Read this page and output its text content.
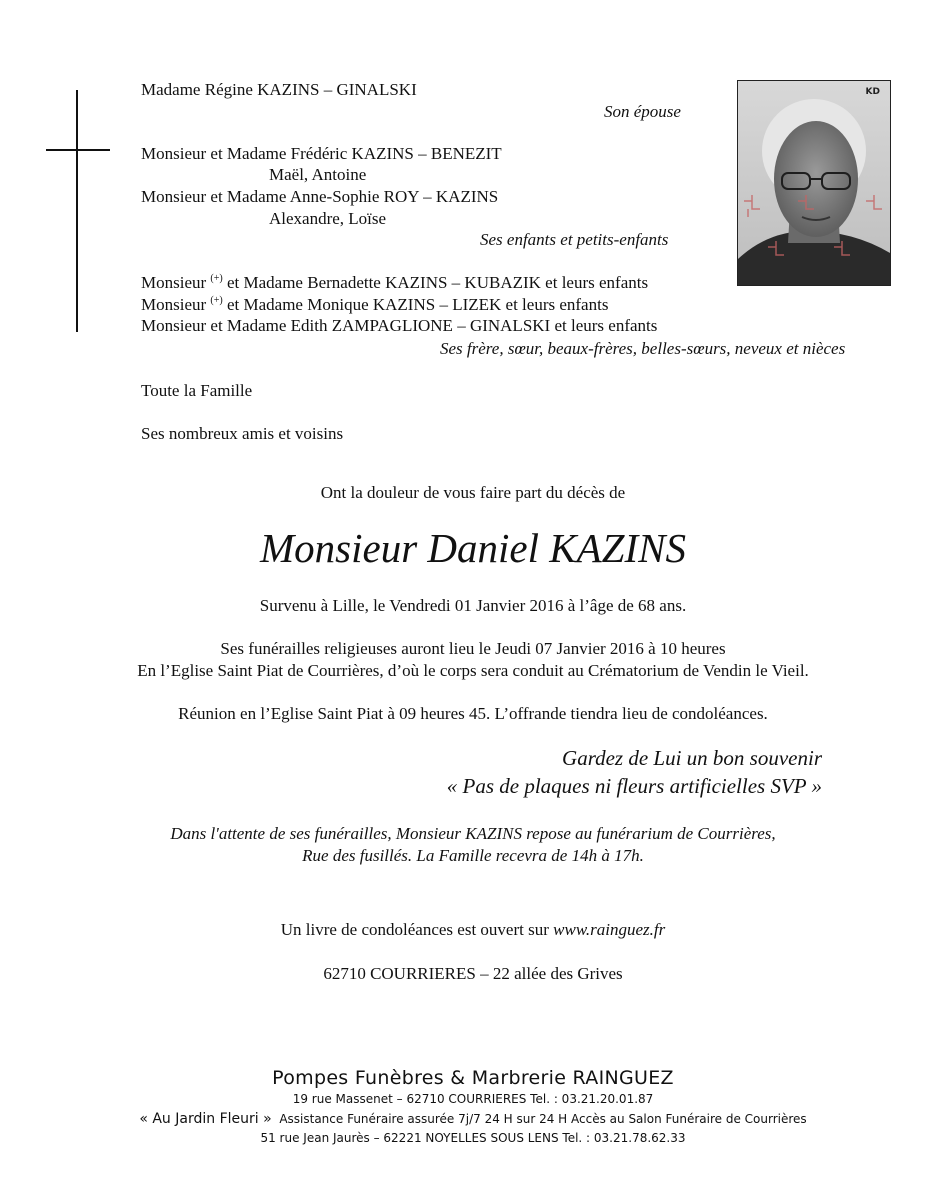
KD
Madame Régine KAZINS – GINALSKI
Son épouse
Monsieur et Madame Frédéric KAZINS – BENEZIT
Maël, Antoine
Monsieur et Madame Anne-Sophie ROY – KAZINS
Alexandre, Loïse
Ses enfants et petits-enfants
Monsieur (+) et Madame Bernadette KAZINS – KUBAZIK et leurs enfants
Monsieur (+) et Madame Monique KAZINS – LIZEK et leurs enfants
Monsieur et Madame Edith ZAMPAGLIONE – GINALSKI et leurs enfants
Ses frère, sœur, beaux-frères, belles-sœurs, neveux et nièces
Toute la Famille
Ses nombreux amis et voisins
Ont la douleur de vous faire part du décès de
Monsieur Daniel KAZINS
Survenu à Lille, le Vendredi 01 Janvier 2016 à l’âge de 68 ans.
Ses funérailles religieuses auront lieu le Jeudi 07 Janvier 2016 à 10 heures
En l’Eglise Saint Piat de Courrières, d’où le corps sera conduit au Crématorium de Vendin le Vieil.
Réunion en l’Eglise Saint Piat à 09 heures 45. L’offrande tiendra lieu de condoléances.
Gardez de Lui un bon souvenir
« Pas de plaques ni fleurs artificielles SVP »
Dans l'attente de ses funérailles, Monsieur KAZINS repose au funérarium de Courrières,
Rue des fusillés. La Famille recevra de 14h à 17h.
Un livre de condoléances est ouvert sur www.rainguez.fr
62710 COURRIERES – 22 allée des Grives
Pompes Funèbres & Marbrerie RAINGUEZ
19 rue Massenet – 62710 COURRIERES Tel. : 03.21.20.01.87
« Au Jardin Fleuri » Assistance Funéraire assurée 7j/7 24 H sur 24 H Accès au Salon Funéraire de Courrières
51 rue Jean Jaurès – 62221 NOYELLES SOUS LENS Tel. : 03.21.78.62.33
